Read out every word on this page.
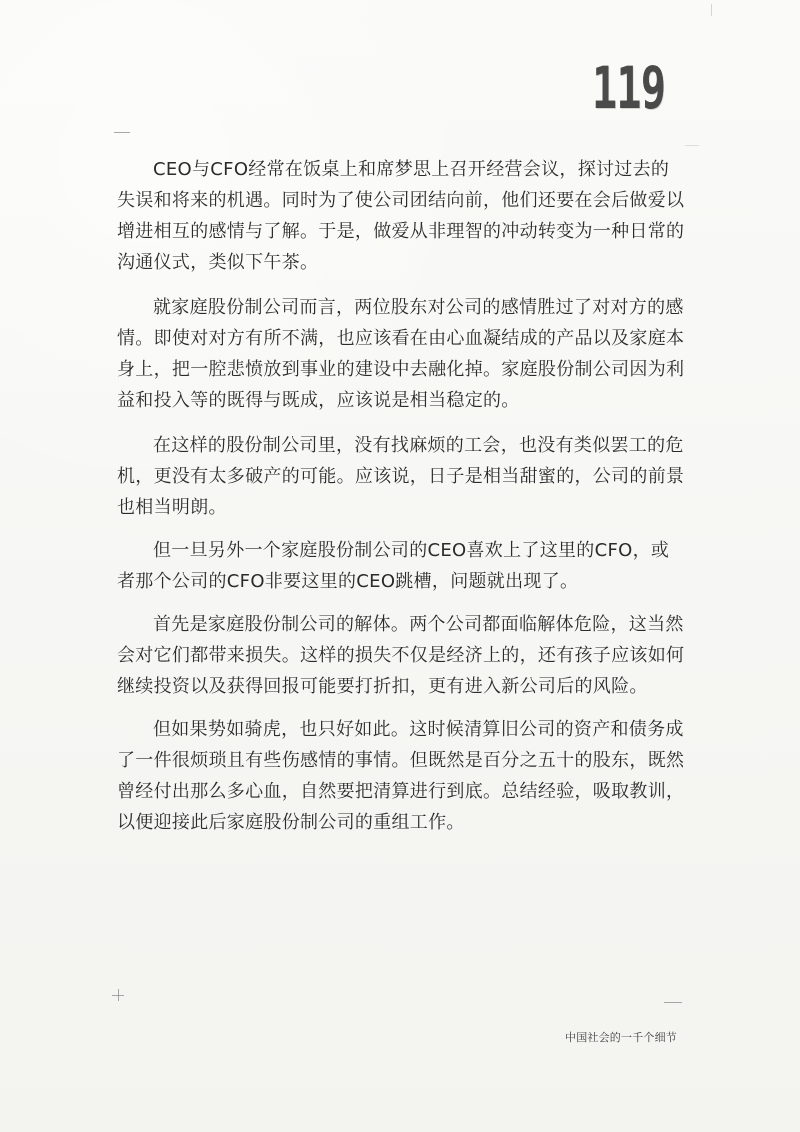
119

CEO与CFO经常在饭桌上和席梦思上召开经营会议，探讨过去的失误和将来的机遇。同时为了使公司团结向前，他们还要在会后做爱以增进相互的感情与了解。于是，做爱从非理智的冲动转变为一种日常的沟通仪式，类似下午茶。

就家庭股份制公司而言，两位股东对公司的感情胜过了对对方的感情。即使对对方有所不满，也应该看在由心血凝结成的产品以及家庭本身上，把一腔悲愤放到事业的建设中去融化掉。家庭股份制公司因为利益和投入等的既得与既成，应该说是相当稳定的。

在这样的股份制公司里，没有找麻烦的工会，也没有类似罢工的危机，更没有太多破产的可能。应该说，日子是相当甜蜜的，公司的前景也相当明朗。

但一旦另外一个家庭股份制公司的CEO喜欢上了这里的CFO，或者那个公司的CFO非要这里的CEO跳槽，问题就出现了。

首先是家庭股份制公司的解体。两个公司都面临解体危险，这当然会对它们都带来损失。这样的损失不仅是经济上的，还有孩子应该如何继续投资以及获得回报可能要打折扣，更有进入新公司后的风险。

但如果势如骑虎，也只好如此。这时候清算旧公司的资产和债务成了一件很烦琐且有些伤感情的事情。但既然是百分之五十的股东，既然曾经付出那么多心血，自然要把清算进行到底。总结经验，吸取教训，以便迎接此后家庭股份制公司的重组工作。

中国社会的一千个细节
